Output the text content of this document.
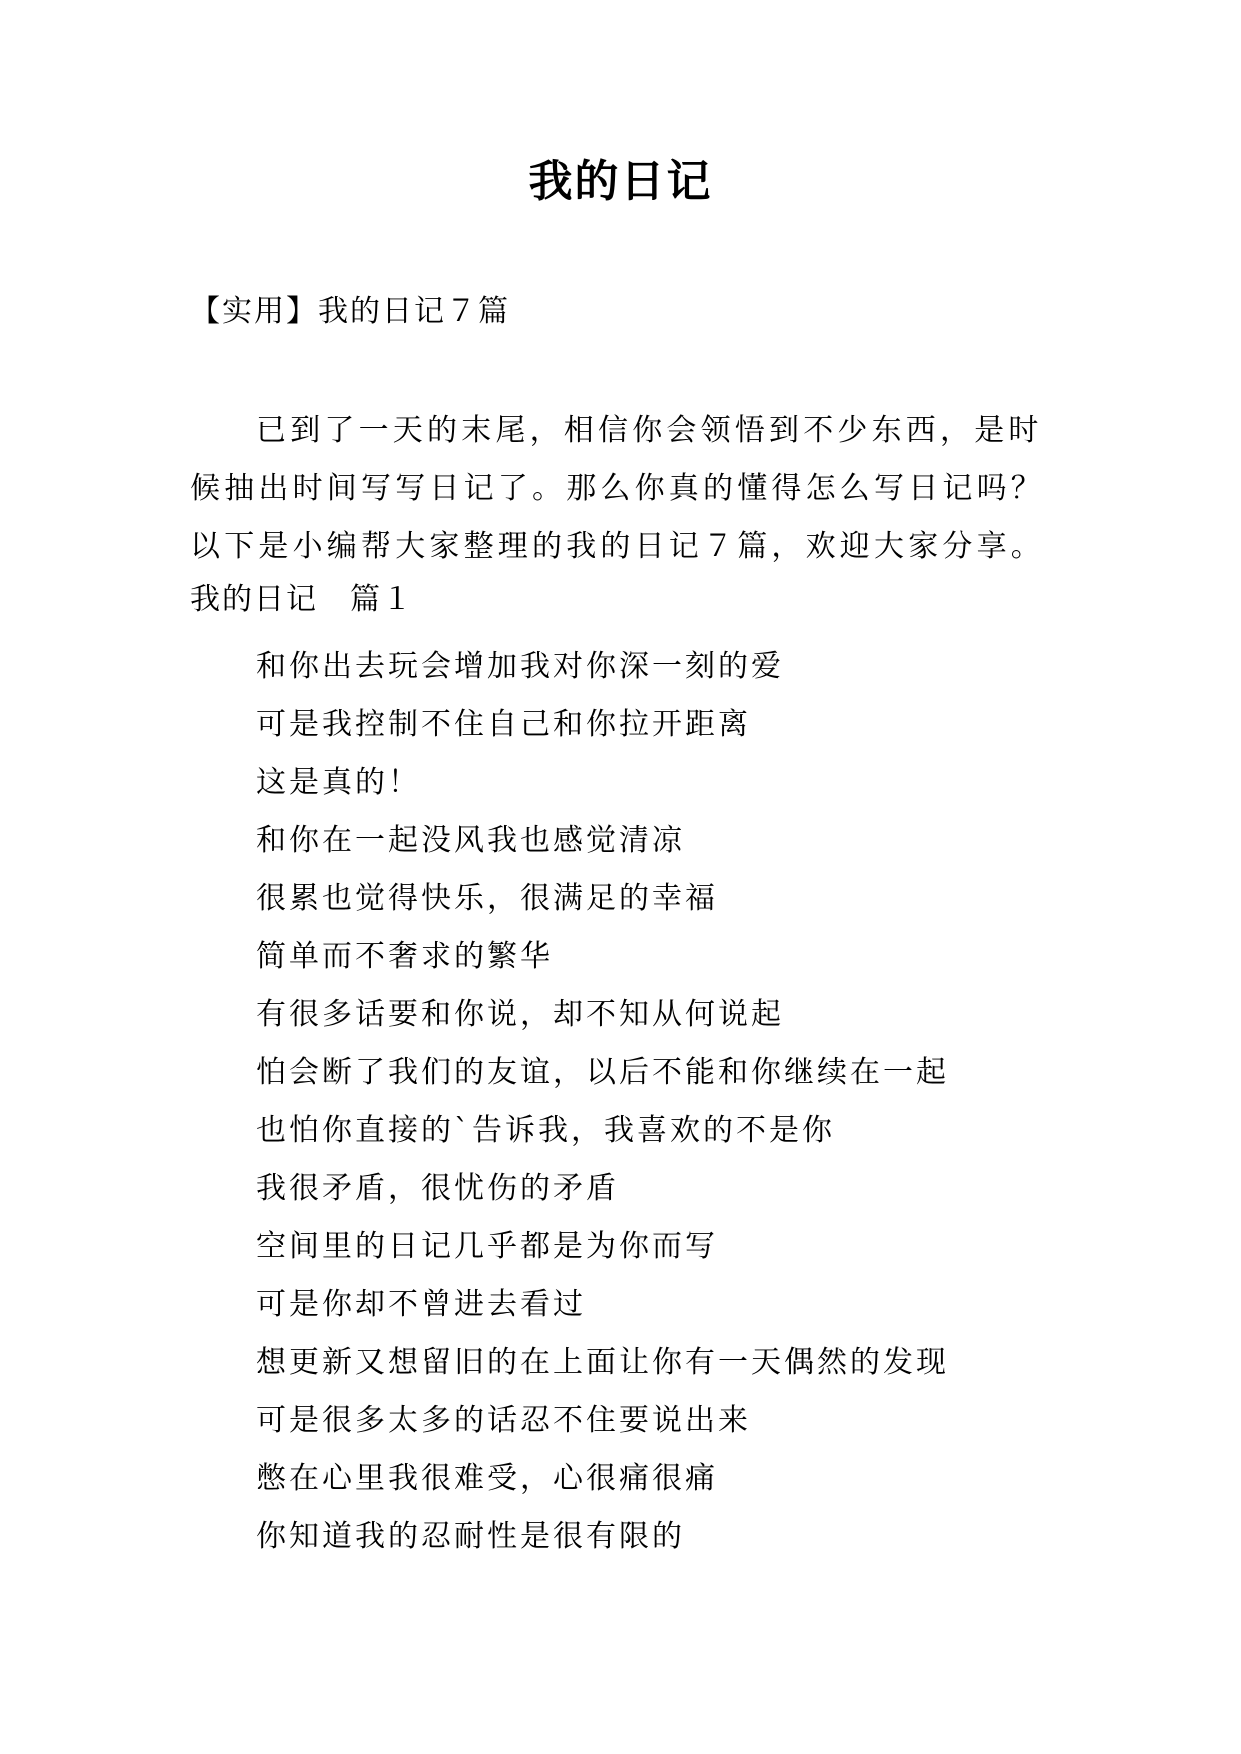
我的日记

【实用】我的日记７篇

已到了一天的末尾，相信你会领悟到不少东西，是时候抽出时间写写日记了。那么你真的懂得怎么写日记吗？以下是小编帮大家整理的我的日记７篇，欢迎大家分享。

我的日记　篇１

和你出去玩会增加我对你深一刻的爱
可是我控制不住自己和你拉开距离
这是真的！
和你在一起没风我也感觉清凉
很累也觉得快乐，很满足的幸福
简单而不奢求的繁华
有很多话要和你说，却不知从何说起
怕会断了我们的友谊，以后不能和你继续在一起
也怕你直接的`告诉我，我喜欢的不是你
我很矛盾，很忧伤的矛盾
空间里的日记几乎都是为你而写
可是你却不曾进去看过
想更新又想留旧的在上面让你有一天偶然的发现
可是很多太多的话忍不住要说出来
憋在心里我很难受，心很痛很痛
你知道我的忍耐性是很有限的
